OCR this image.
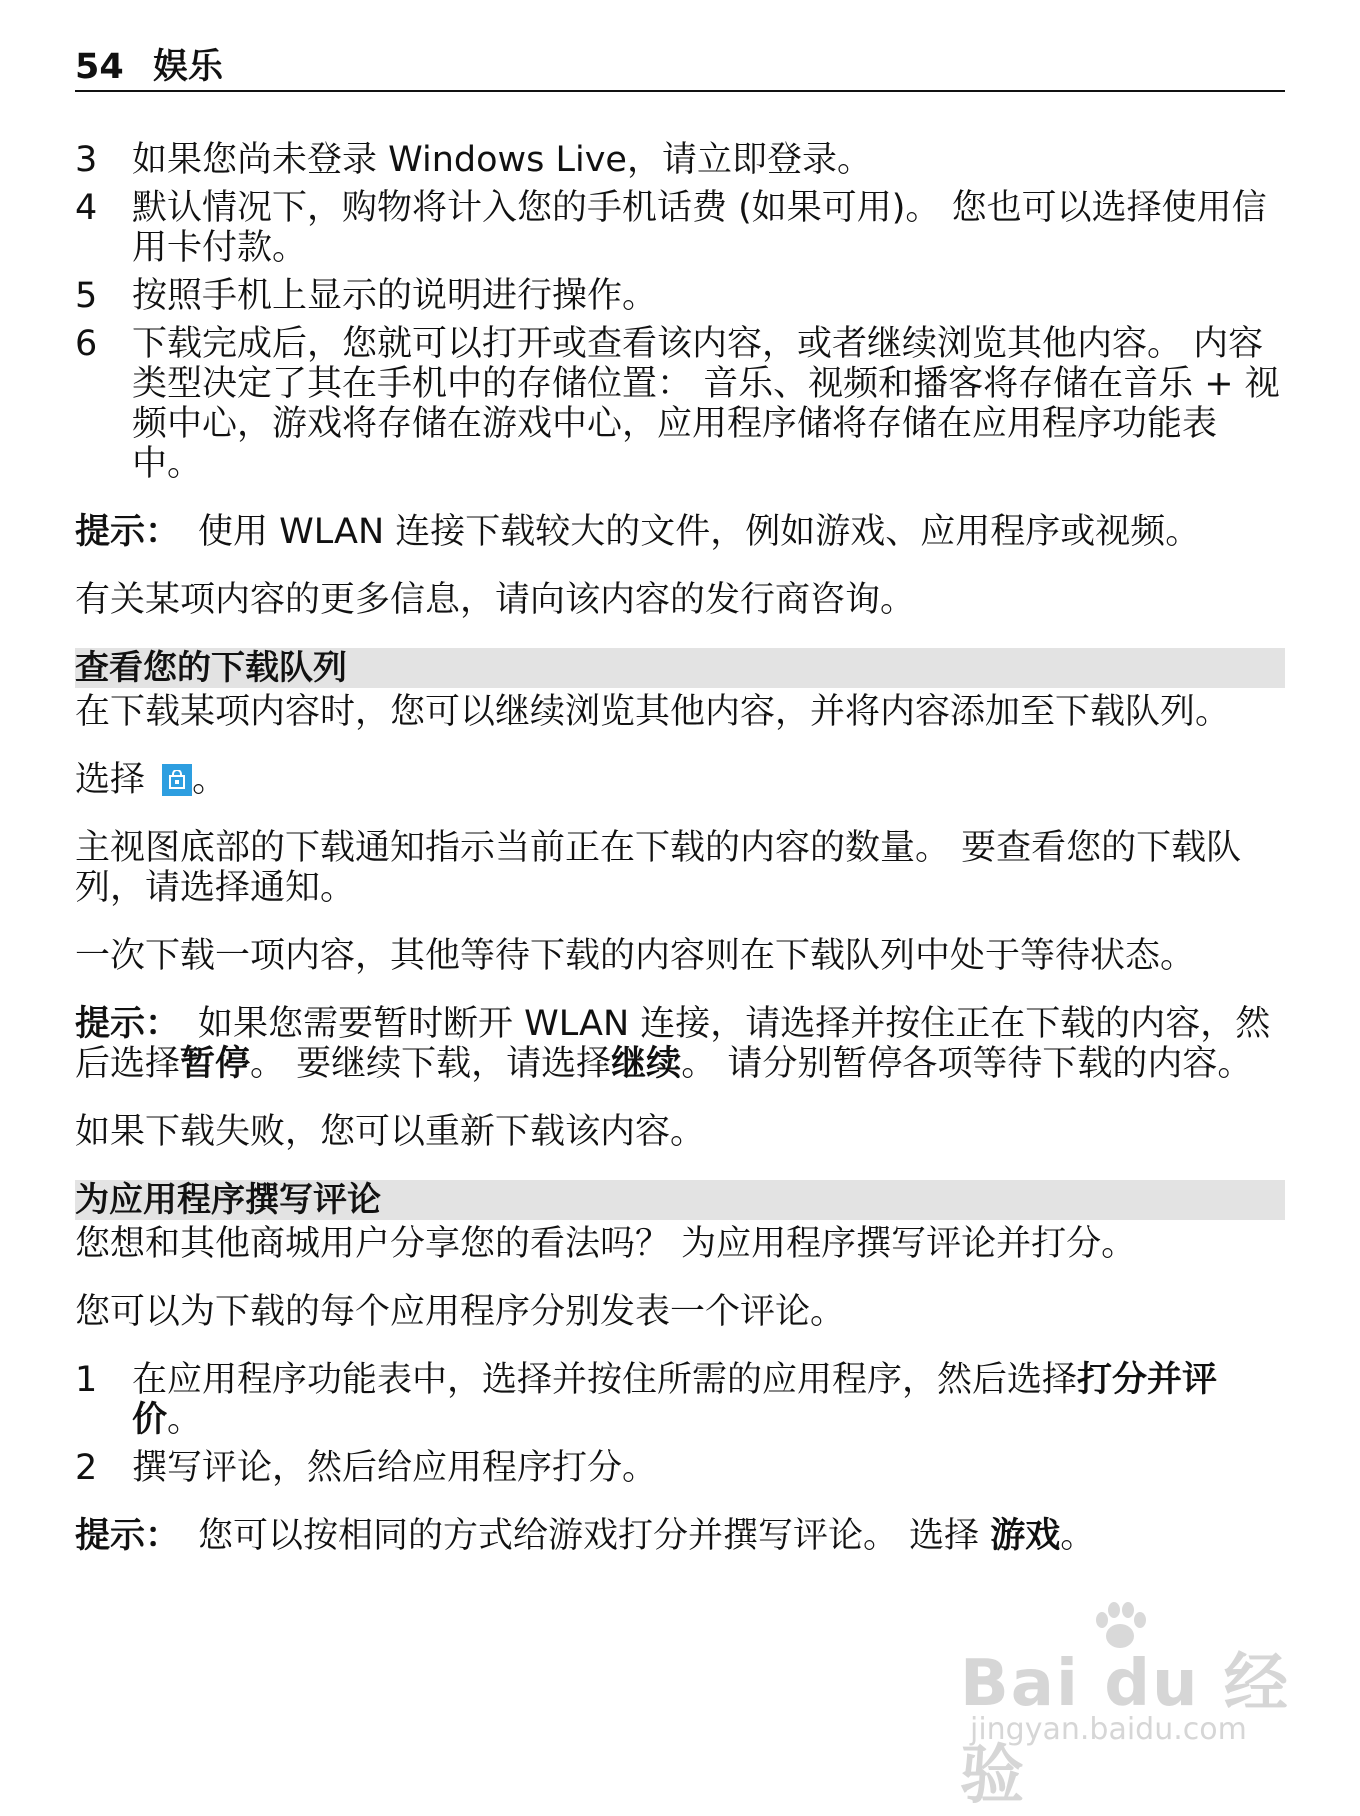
54 娱乐
3 如果您尚未登录 Windows Live，请立即登录。
4 默认情况下，购物将计入您的手机话费 (如果可用)。 您也可以选择使用信用卡付款。
5 按照手机上显示的说明进行操作。
6 下载完成后，您就可以打开或查看该内容，或者继续浏览其他内容。 内容类型决定了其在手机中的存储位置： 音乐、视频和播客将存储在音乐 + 视频中心，游戏将存储在游戏中心，应用程序储将存储在应用程序功能表中。

提示： 使用 WLAN 连接下载较大的文件，例如游戏、应用程序或视频。

有关某项内容的更多信息，请向该内容的发行商咨询。

查看您的下载队列

在下载某项内容时，您可以继续浏览其他内容，并将内容添加至下载队列。

选择 。

主视图底部的下载通知指示当前正在下载的内容的数量。 要查看您的下载队列，请选择通知。

一次下载一项内容，其他等待下载的内容则在下载队列中处于等待状态。

提示： 如果您需要暂时断开 WLAN 连接，请选择并按住正在下载的内容，然后选择暂停。 要继续下载，请选择继续。 请分别暂停各项等待下载的内容。

如果下载失败，您可以重新下载该内容。

为应用程序撰写评论

您想和其他商城用户分享您的看法吗？ 为应用程序撰写评论并打分。

您可以为下载的每个应用程序分别发表一个评论。

1 在应用程序功能表中，选择并按住所需的应用程序，然后选择打分并评价。
2 撰写评论，然后给应用程序打分。

提示： 您可以按相同的方式给游戏打分并撰写评论。 选择 游戏。

Bai du 经验
jingyan.baidu.com
